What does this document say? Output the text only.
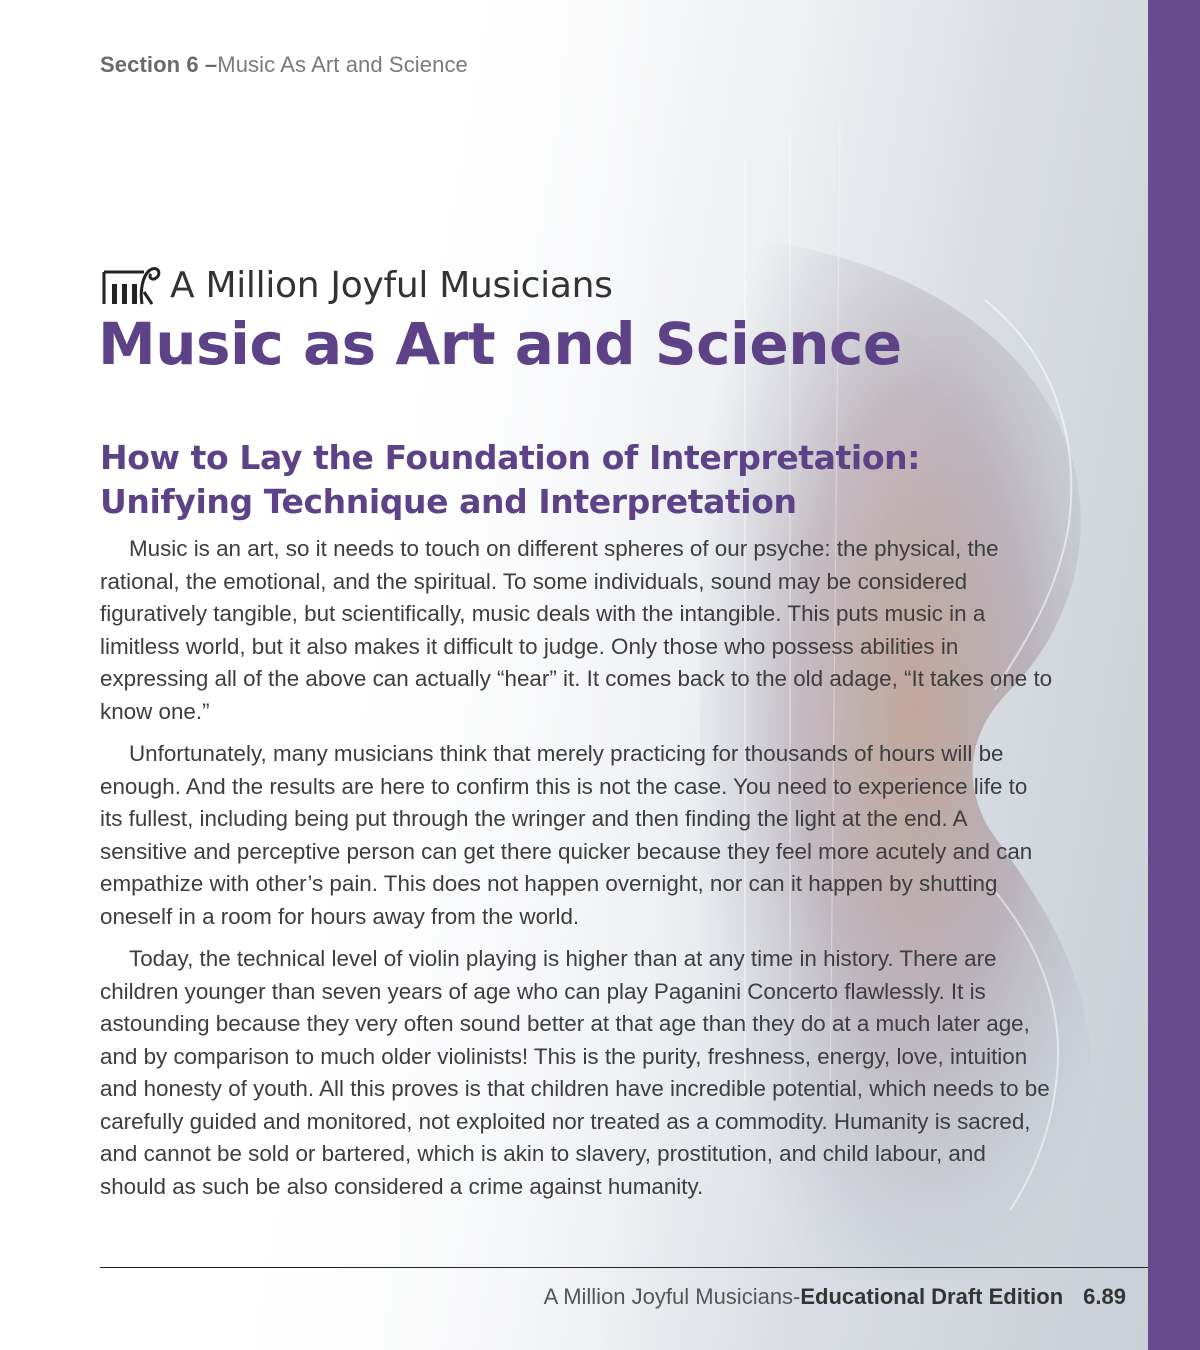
Section 6 –Music As Art and Science
A Million Joyful Musicians
Music as Art and Science
How to Lay the Foundation of Interpretation:
Unifying Technique and Interpretation

Music is an art, so it needs to touch on different spheres of our psyche: the physical, the rational, the emotional, and the spiritual. To some individuals, sound may be considered figuratively tangible, but scientifically, music deals with the intangible. This puts music in a limitless world, but it also makes it difficult to judge. Only those who possess abilities in expressing all of the above can actually “hear” it. It comes back to the old adage, “It takes one to know one.”

Unfortunately, many musicians think that merely practicing for thousands of hours will be enough. And the results are here to confirm this is not the case. You need to experience life to its fullest, including being put through the wringer and then finding the light at the end. A sensitive and perceptive person can get there quicker because they feel more acutely and can empathize with other’s pain. This does not happen overnight, nor can it happen by shutting oneself in a room for hours away from the world.

Today, the technical level of violin playing is higher than at any time in history. There are children younger than seven years of age who can play Paganini Concerto flawlessly. It is astounding because they very often sound better at that age than they do at a much later age, and by comparison to much older violinists! This is the purity, freshness, energy, love, intuition and honesty of youth. All this proves is that children have incredible potential, which needs to be carefully guided and monitored, not exploited nor treated as a commodity. Humanity is sacred, and cannot be sold or bartered, which is akin to slavery, prostitution, and child labour, and should as such be also considered a crime against humanity.

A Million Joyful Musicians-Educational Draft Edition 6.89
